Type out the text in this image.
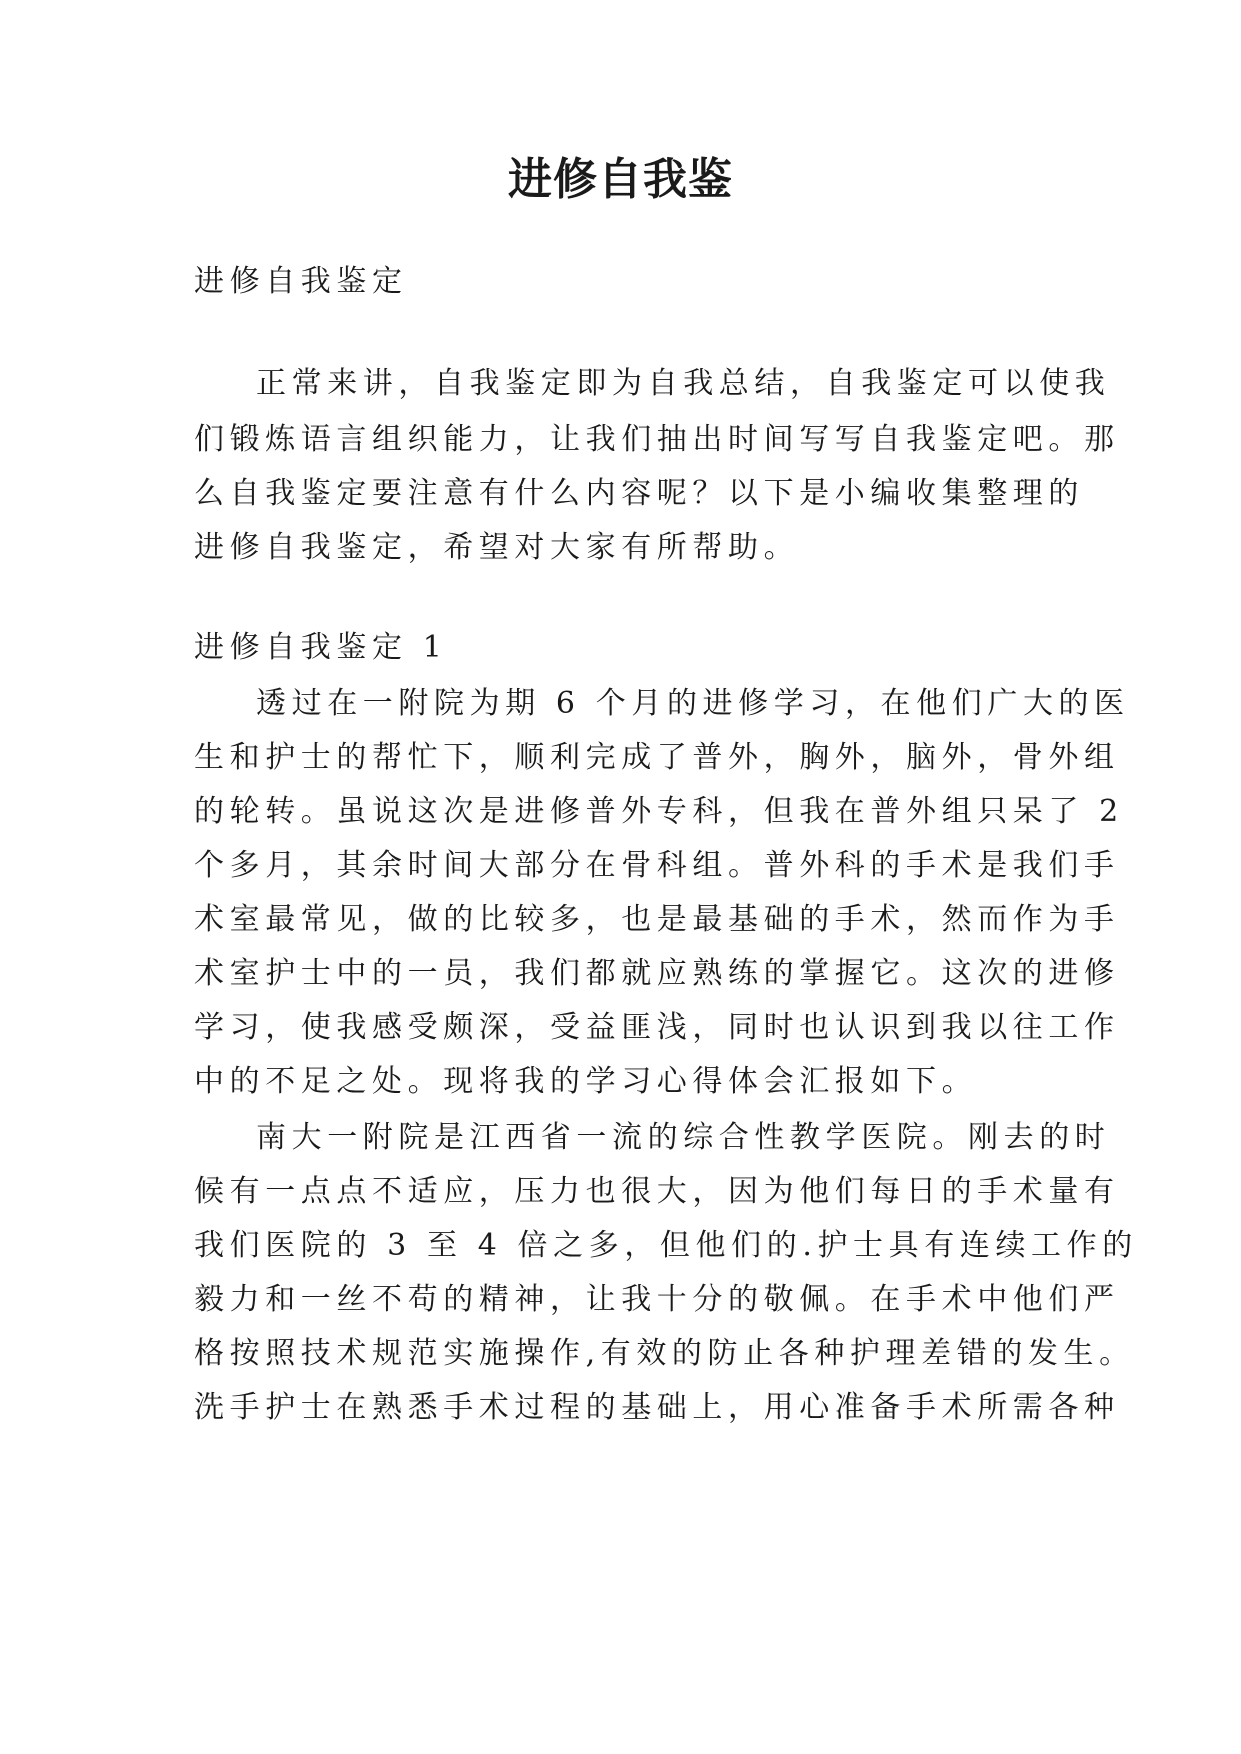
进修自我鉴
进修自我鉴定
正常来讲，自我鉴定即为自我总结，自我鉴定可以使我
们锻炼语言组织能力，让我们抽出时间写写自我鉴定吧。那
么自我鉴定要注意有什么内容呢？以下是小编收集整理的
进修自我鉴定，希望对大家有所帮助。
进修自我鉴定 1
透过在一附院为期 6 个月的进修学习，在他们广大的医
生和护士的帮忙下，顺利完成了普外，胸外，脑外，骨外组
的轮转。虽说这次是进修普外专科，但我在普外组只呆了 2
个多月，其余时间大部分在骨科组。普外科的手术是我们手
术室最常见，做的比较多，也是最基础的手术，然而作为手
术室护士中的一员，我们都就应熟练的掌握它。这次的进修
学习，使我感受颇深，受益匪浅，同时也认识到我以往工作
中的不足之处。现将我的学习心得体会汇报如下。
南大一附院是江西省一流的综合性教学医院。刚去的时
候有一点点不适应，压力也很大，因为他们每日的手术量有
我们医院的 3 至 4 倍之多，但他们的.护士具有连续工作的
毅力和一丝不苟的精神，让我十分的敬佩。在手术中他们严
格按照技术规范实施操作,有效的防止各种护理差错的发生。
洗手护士在熟悉手术过程的基础上，用心准备手术所需各种
